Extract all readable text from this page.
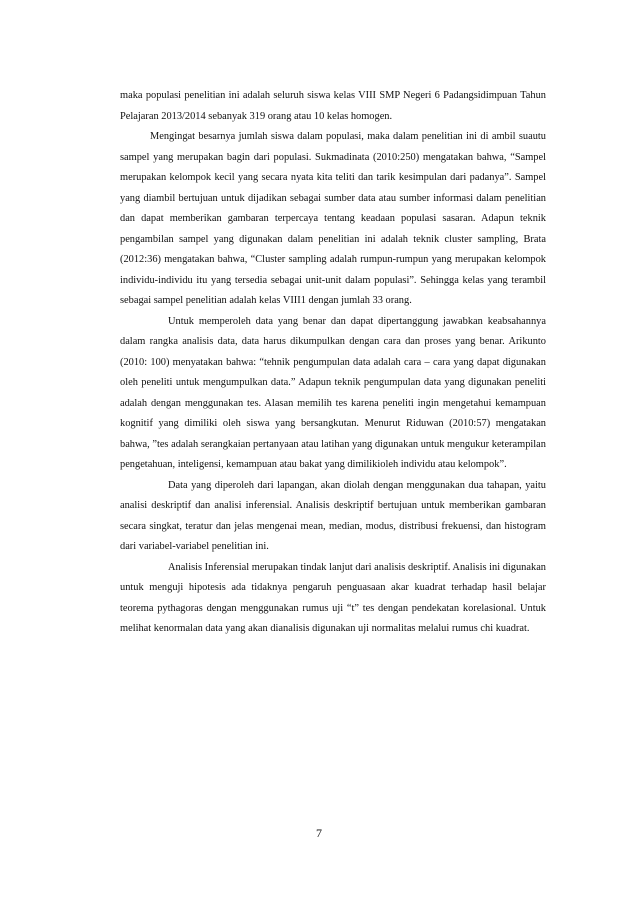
maka populasi penelitian ini adalah seluruh siswa kelas VIII SMP Negeri 6 Padangsidimpuan Tahun Pelajaran 2013/2014 sebanyak 319 orang atau 10 kelas homogen.

Mengingat besarnya jumlah siswa dalam populasi, maka dalam penelitian ini di ambil suautu sampel yang merupakan bagin dari populasi. Sukmadinata (2010:250) mengatakan bahwa, “Sampel merupakan kelompok kecil yang secara nyata kita teliti dan tarik kesimpulan dari padanya”. Sampel yang diambil bertujuan untuk dijadikan sebagai sumber data atau sumber informasi dalam penelitian dan dapat memberikan gambaran terpercaya tentang keadaan populasi sasaran. Adapun teknik pengambilan sampel yang digunakan dalam penelitian ini adalah teknik cluster sampling, Brata (2012:36) mengatakan bahwa, “Cluster sampling adalah rumpun-rumpun yang merupakan kelompok individu-individu itu yang tersedia sebagai unit-unit dalam populasi”. Sehingga kelas yang terambil sebagai sampel penelitian adalah kelas VIII1 dengan jumlah 33 orang.

Untuk memperoleh data yang benar dan dapat dipertanggung jawabkan keabsahannya dalam rangka analisis data, data harus dikumpulkan dengan cara dan proses yang benar. Arikunto (2010: 100) menyatakan bahwa: “tehnik pengumpulan data adalah cara – cara yang dapat digunakan oleh peneliti untuk mengumpulkan data.” Adapun teknik pengumpulan data yang digunakan peneliti adalah dengan menggunakan tes. Alasan memilih tes karena peneliti ingin mengetahui kemampuan kognitif yang dimiliki oleh siswa yang bersangkutan. Menurut Riduwan (2010:57) mengatakan bahwa, ”tes adalah serangkaian pertanyaan atau latihan yang digunakan untuk mengukur keterampilan pengetahuan, inteligensi, kemampuan atau bakat yang dimilikioleh individu atau kelompok”.

Data yang diperoleh dari lapangan, akan diolah dengan menggunakan dua tahapan, yaitu analisi deskriptif dan analisi inferensial. Analisis deskriptif bertujuan untuk memberikan gambaran secara singkat, teratur dan jelas mengenai mean, median, modus, distribusi frekuensi, dan histogram dari variabel-variabel penelitian ini.

Analisis Inferensial merupakan tindak lanjut dari analisis deskriptif. Analisis ini digunakan untuk menguji hipotesis ada tidaknya pengaruh penguasaan akar kuadrat terhadap hasil belajar teorema pythagoras dengan menggunakan rumus uji “t” tes dengan pendekatan korelasional. Untuk melihat kenormalan data yang akan dianalisis digunakan uji normalitas melalui rumus chi kuadrat.

7
